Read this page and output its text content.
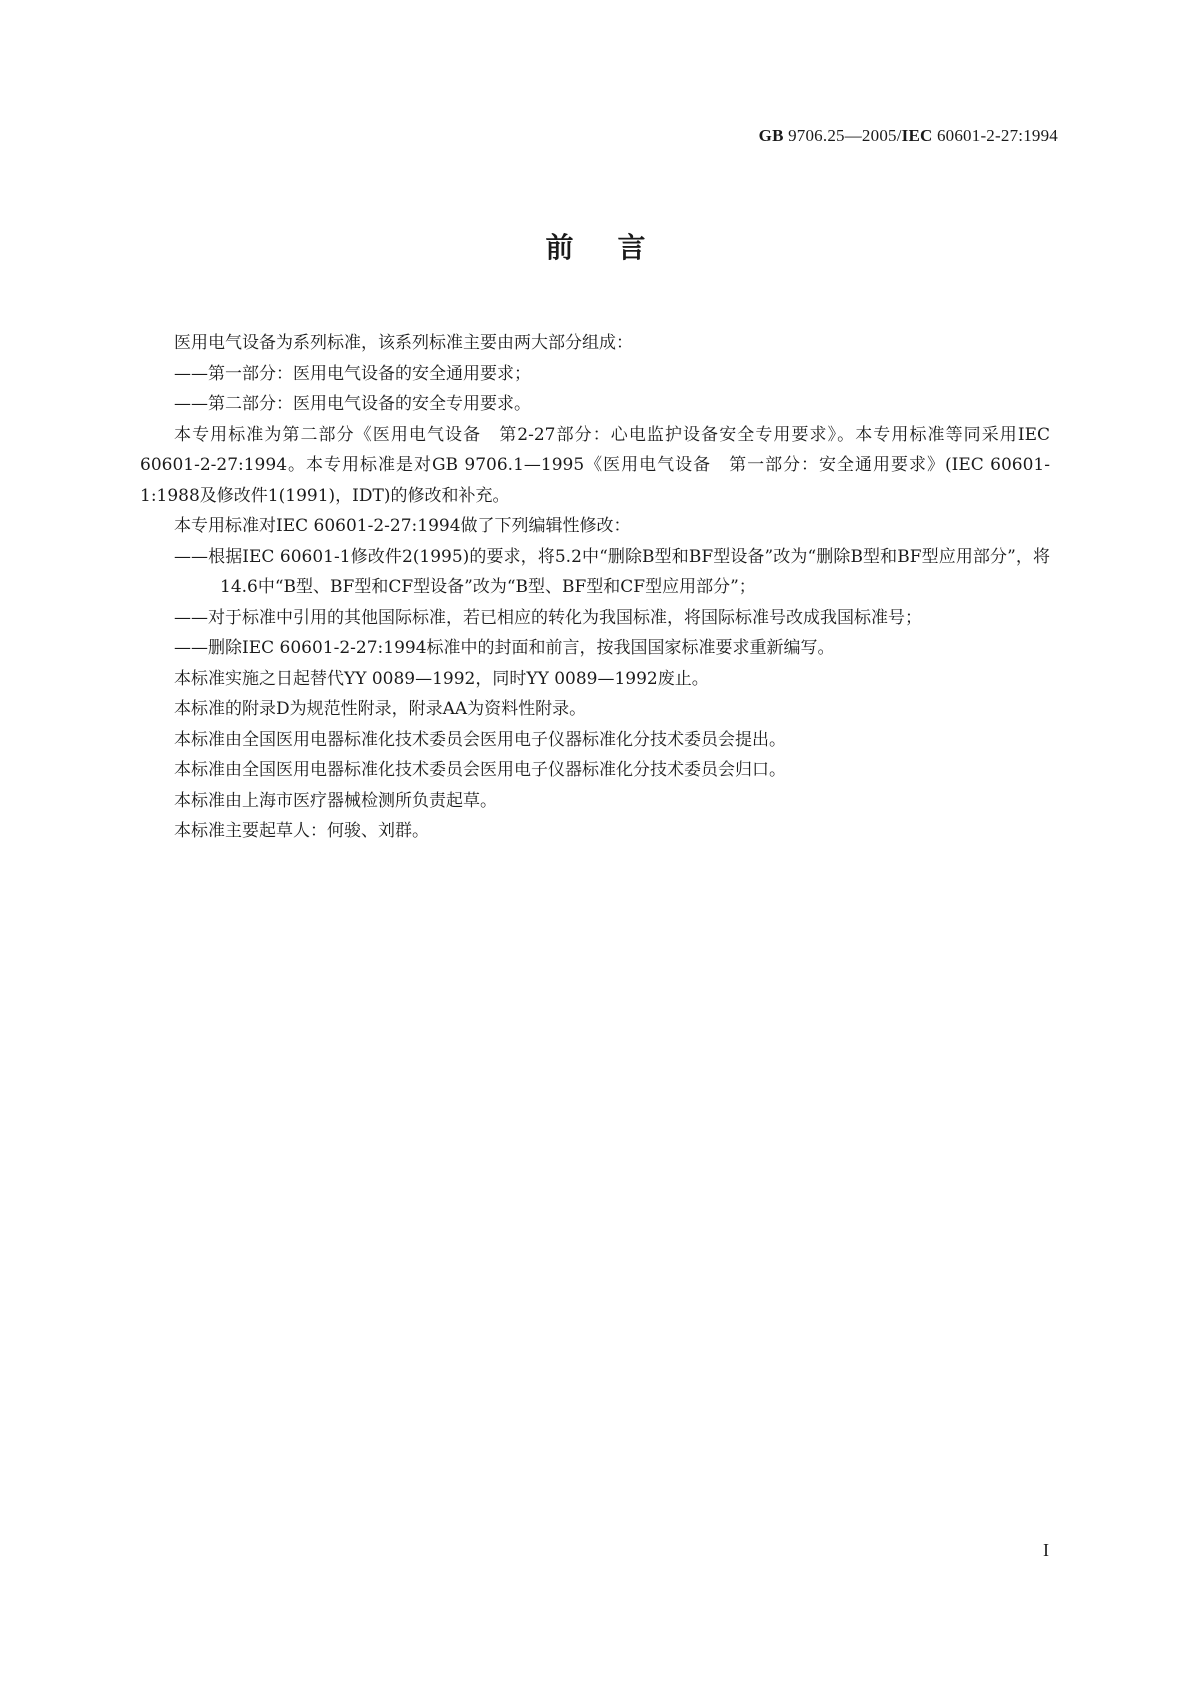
GB 9706.25—2005/IEC 60601-2-27:1994
前言

医用电气设备为系列标准，该系列标准主要由两大部分组成：

——第一部分：医用电气设备的安全通用要求；

——第二部分：医用电气设备的安全专用要求。

本专用标准为第二部分《医用电气设备　第2-27部分：心电监护设备安全专用要求》。本专用标准等同采用IEC 60601-2-27:1994。本专用标准是对GB 9706.1—1995《医用电气设备　第一部分：安全通用要求》(IEC 60601-1:1988及修改件1(1991)，IDT)的修改和补充。

本专用标准对IEC 60601-2-27:1994做了下列编辑性修改：

——根据IEC 60601-1修改件2(1995)的要求，将5.2中“删除B型和BF型设备”改为“删除B型和BF型应用部分”，将14.6中“B型、BF型和CF型设备”改为“B型、BF型和CF型应用部分”；

——对于标准中引用的其他国际标准，若已相应的转化为我国标准，将国际标准号改成我国标准号；

——删除IEC 60601-2-27:1994标准中的封面和前言，按我国国家标准要求重新编写。

本标准实施之日起替代YY 0089—1992，同时YY 0089—1992废止。

本标准的附录D为规范性附录，附录AA为资料性附录。

本标准由全国医用电器标准化技术委员会医用电子仪器标准化分技术委员会提出。

本标准由全国医用电器标准化技术委员会医用电子仪器标准化分技术委员会归口。

本标准由上海市医疗器械检测所负责起草。

本标准主要起草人：何骏、刘群。

I
